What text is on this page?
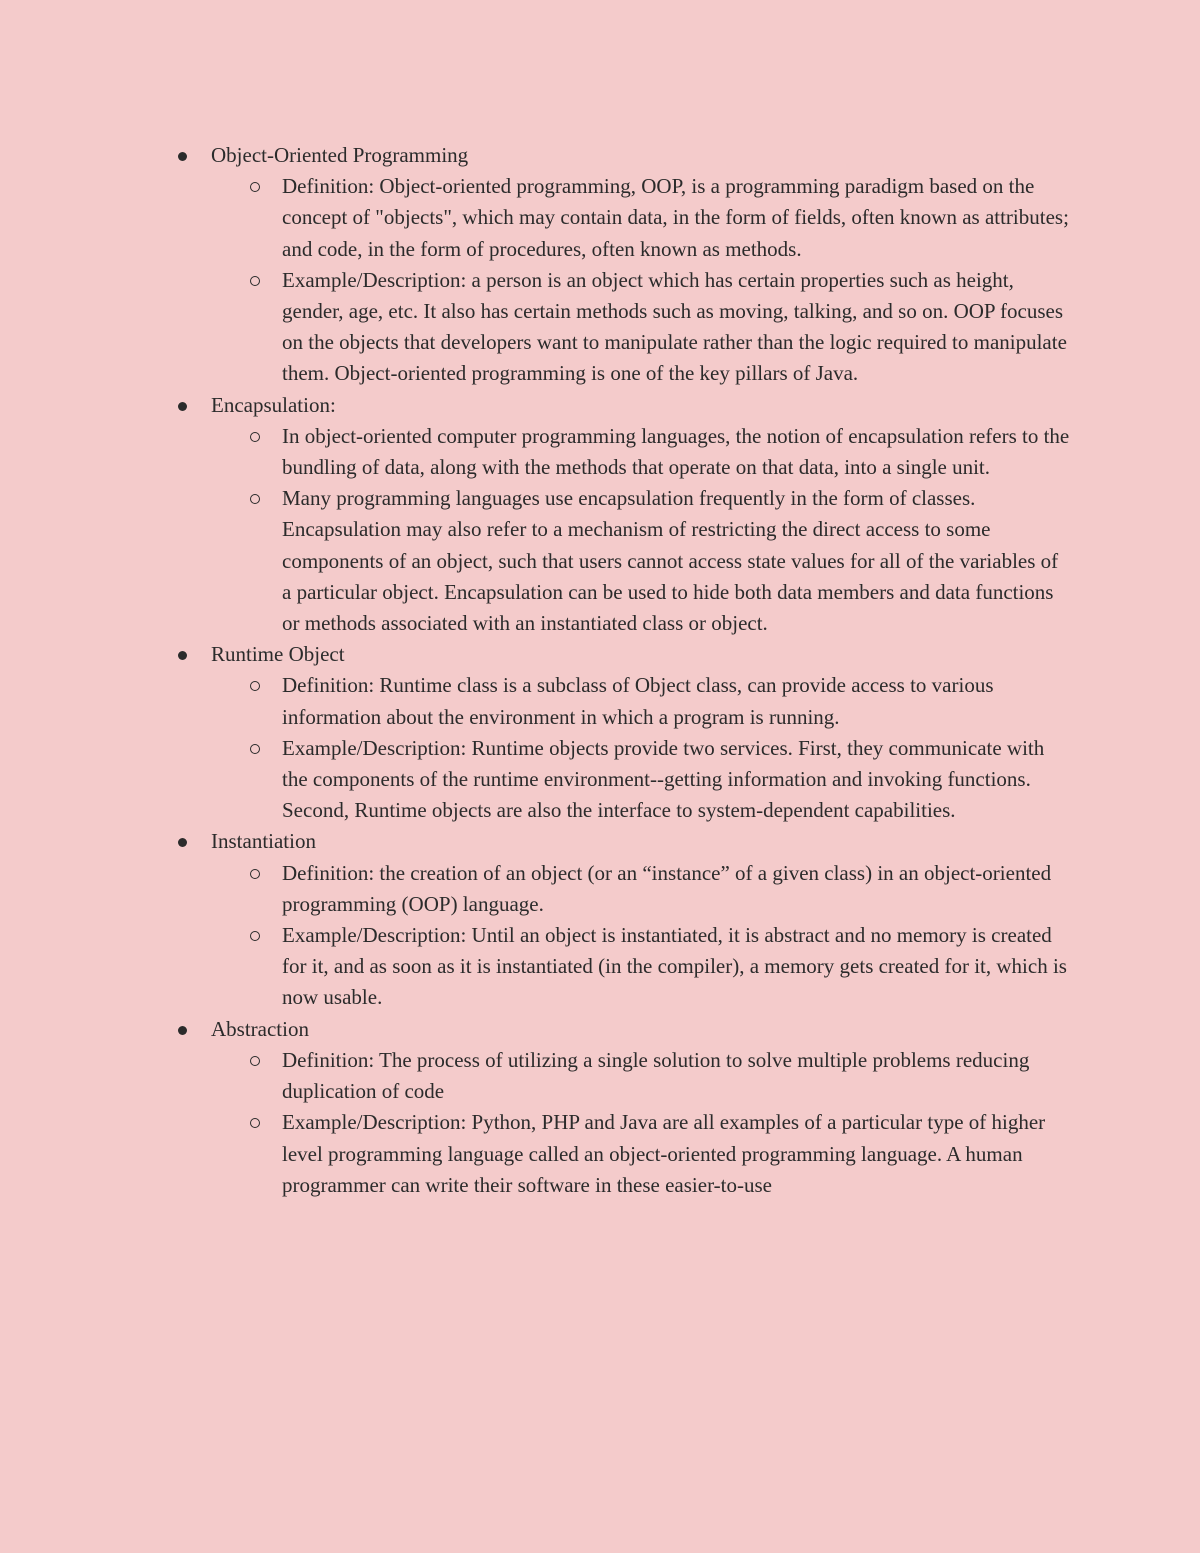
Object-Oriented Programming
Definition: Object-oriented programming, OOP, is a programming paradigm based on the concept of "objects", which may contain data, in the form of fields, often known as attributes; and code, in the form of procedures, often known as methods.
Example/Description: a person is an object which has certain properties such as height, gender, age, etc. It also has certain methods such as moving, talking, and so on. OOP focuses on the objects that developers want to manipulate rather than the logic required to manipulate them. Object-oriented programming is one of the key pillars of Java.
Encapsulation:
In object-oriented computer programming languages, the notion of encapsulation refers to the bundling of data, along with the methods that operate on that data, into a single unit.
Many programming languages use encapsulation frequently in the form of classes. Encapsulation may also refer to a mechanism of restricting the direct access to some components of an object, such that users cannot access state values for all of the variables of a particular object. Encapsulation can be used to hide both data members and data functions or methods associated with an instantiated class or object.
Runtime Object
Definition: Runtime class is a subclass of Object class, can provide access to various information about the environment in which a program is running.
Example/Description: Runtime objects provide two services. First, they communicate with the components of the runtime environment--getting information and invoking functions. Second, Runtime objects are also the interface to system-dependent capabilities.
Instantiation
Definition: the creation of an object (or an “instance” of a given class) in an object-oriented programming (OOP) language.
Example/Description: Until an object is instantiated, it is abstract and no memory is created for it, and as soon as it is instantiated (in the compiler), a memory gets created for it, which is now usable.
Abstraction
Definition: The process of utilizing a single solution to solve multiple problems reducing duplication of code
Example/Description: Python, PHP and Java are all examples of a particular type of higher level programming language called an object-oriented programming language. A human programmer can write their software in these easier-to-use
